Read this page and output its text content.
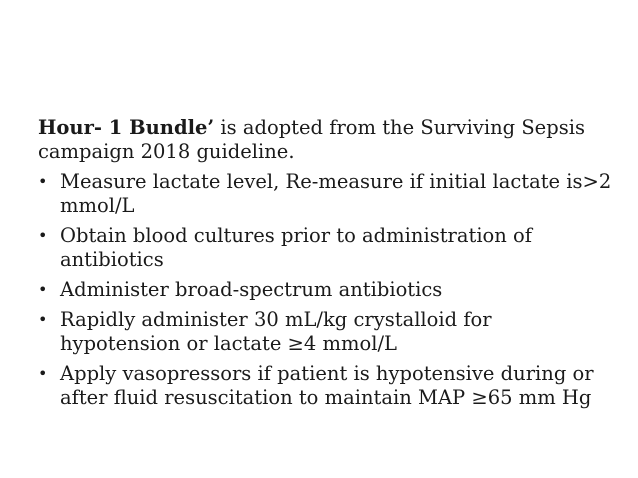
Hour- 1 Bundle’ is adopted from the Surviving Sepsis campaign 2018 guideline.

• Measure lactate level, Re-measure if initial lactate is>2 mmol/L
• Obtain blood cultures prior to administration of antibiotics
• Administer broad-spectrum antibiotics
• Rapidly administer 30 mL/kg crystalloid for hypotension or lactate ≥4 mmol/L
• Apply vasopressors if patient is hypotensive during or after fluid resuscitation to maintain MAP ≥65 mm Hg
